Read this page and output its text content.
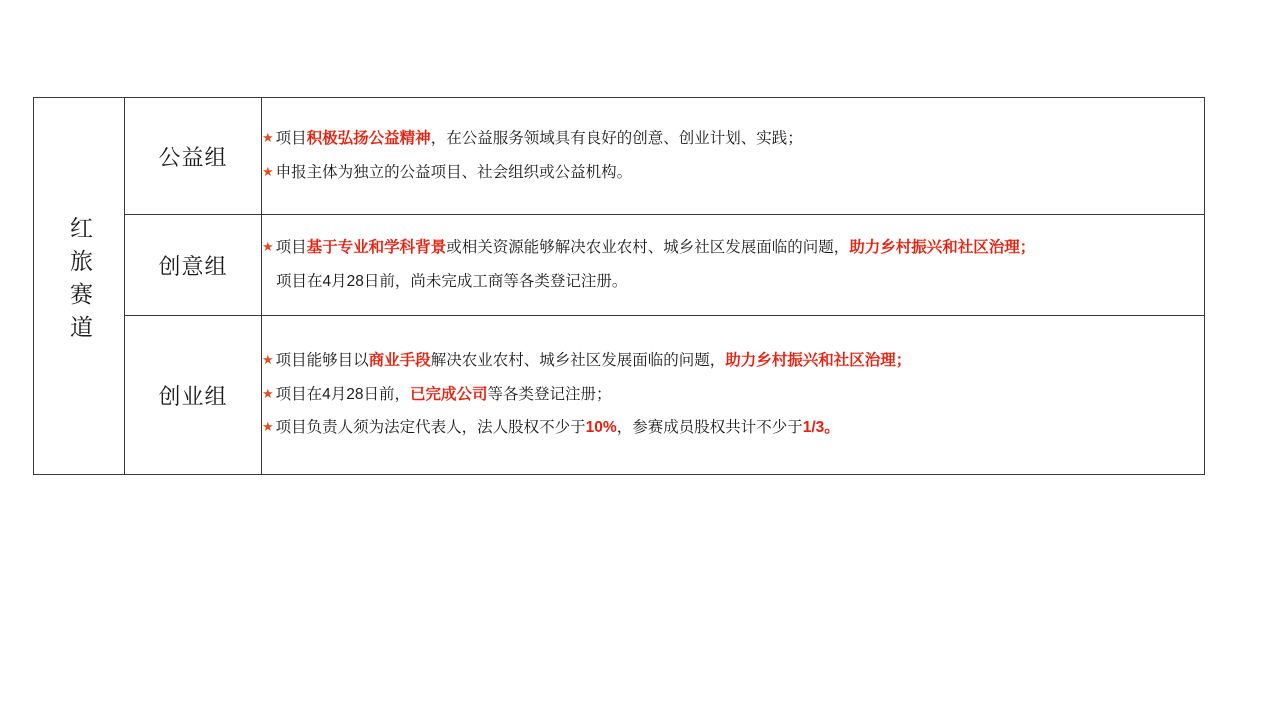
红旅赛道	公益组	★ 项目积极弘扬公益精神，在公益服务领域具有良好的创意、创业计划、实践；
★ 申报主体为独立的公益项目、社会组织或公益机构。

	创意组	★ 项目基于专业和学科背景或相关资源能够解决农业农村、城乡社区发展面临的问题，助力乡村振兴和社区治理；
项目在4月28日前，尚未完成工商等各类登记注册。

	创业组	★ 项目能够目以商业手段解决农业农村、城乡社区发展面临的问题，助力乡村振兴和社区治理；
★ 项目在4月28日前，已完成公司等各类登记注册；
★ 项目负责人须为法定代表人，法人股权不少于10%，参赛成员股权共计不少于1/3。
